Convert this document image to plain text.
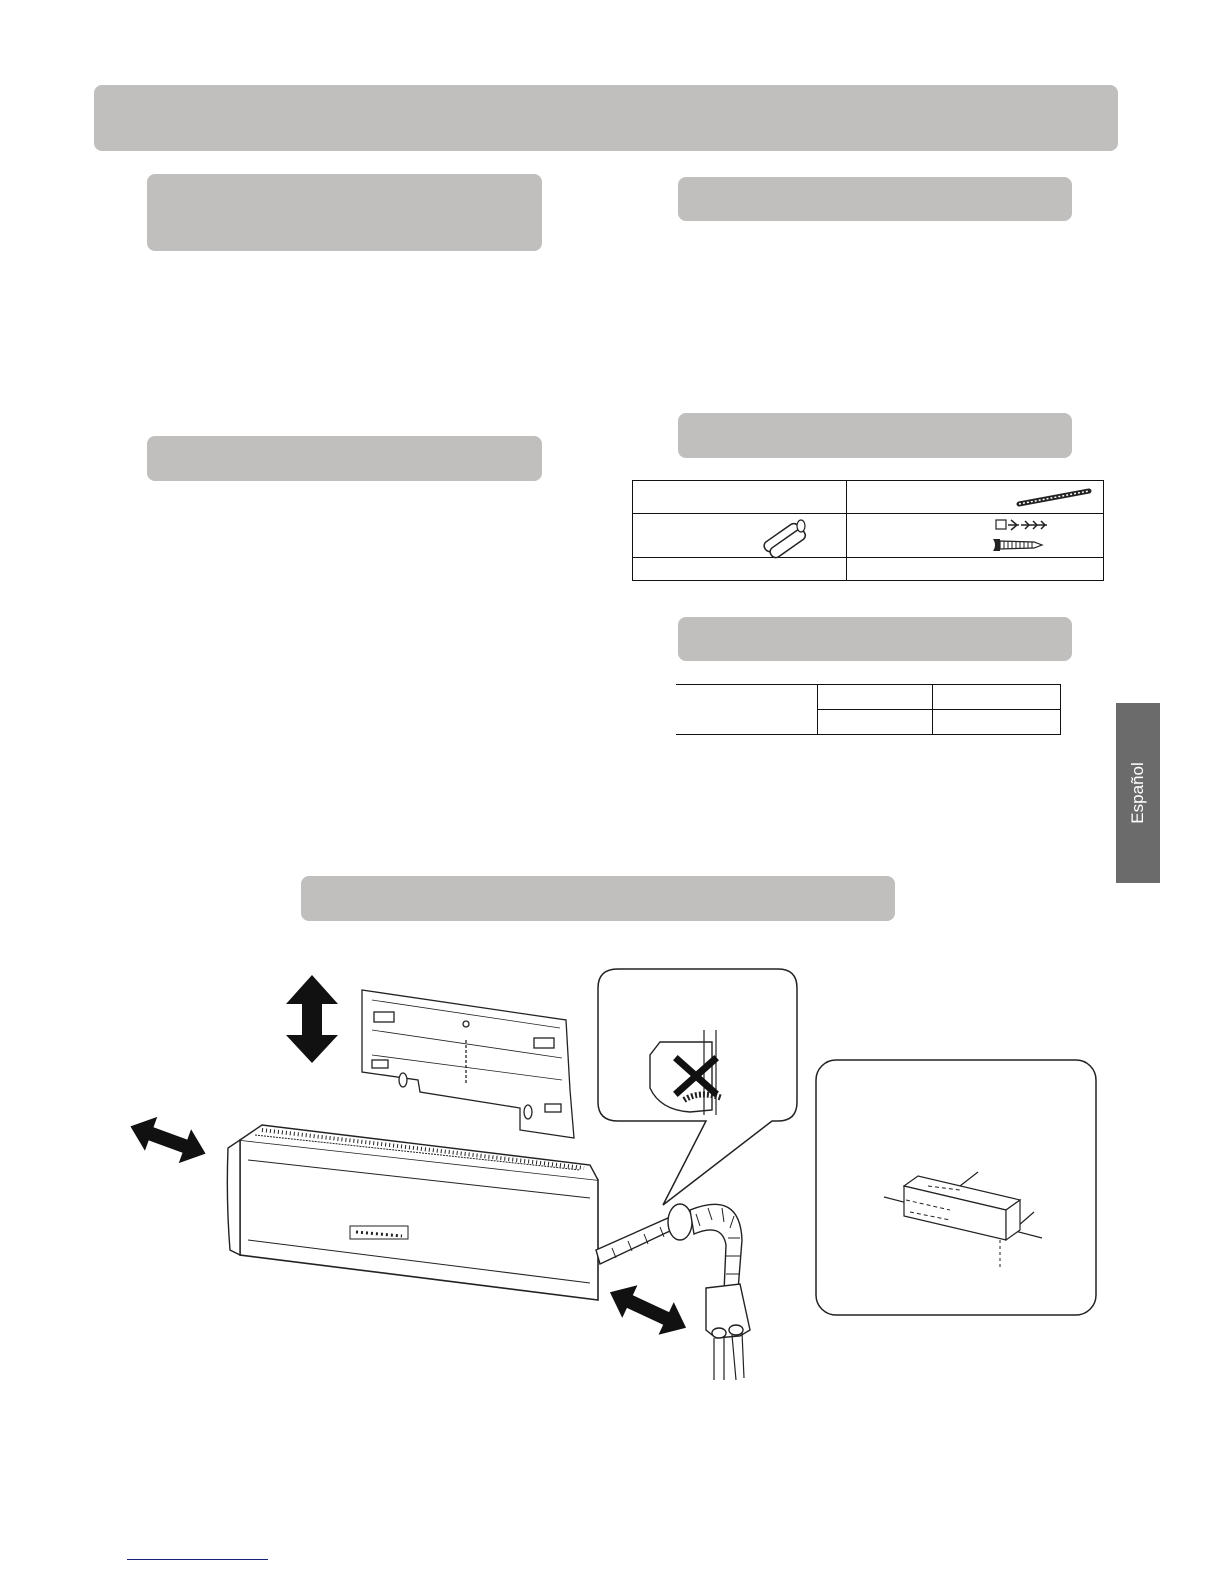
Español
